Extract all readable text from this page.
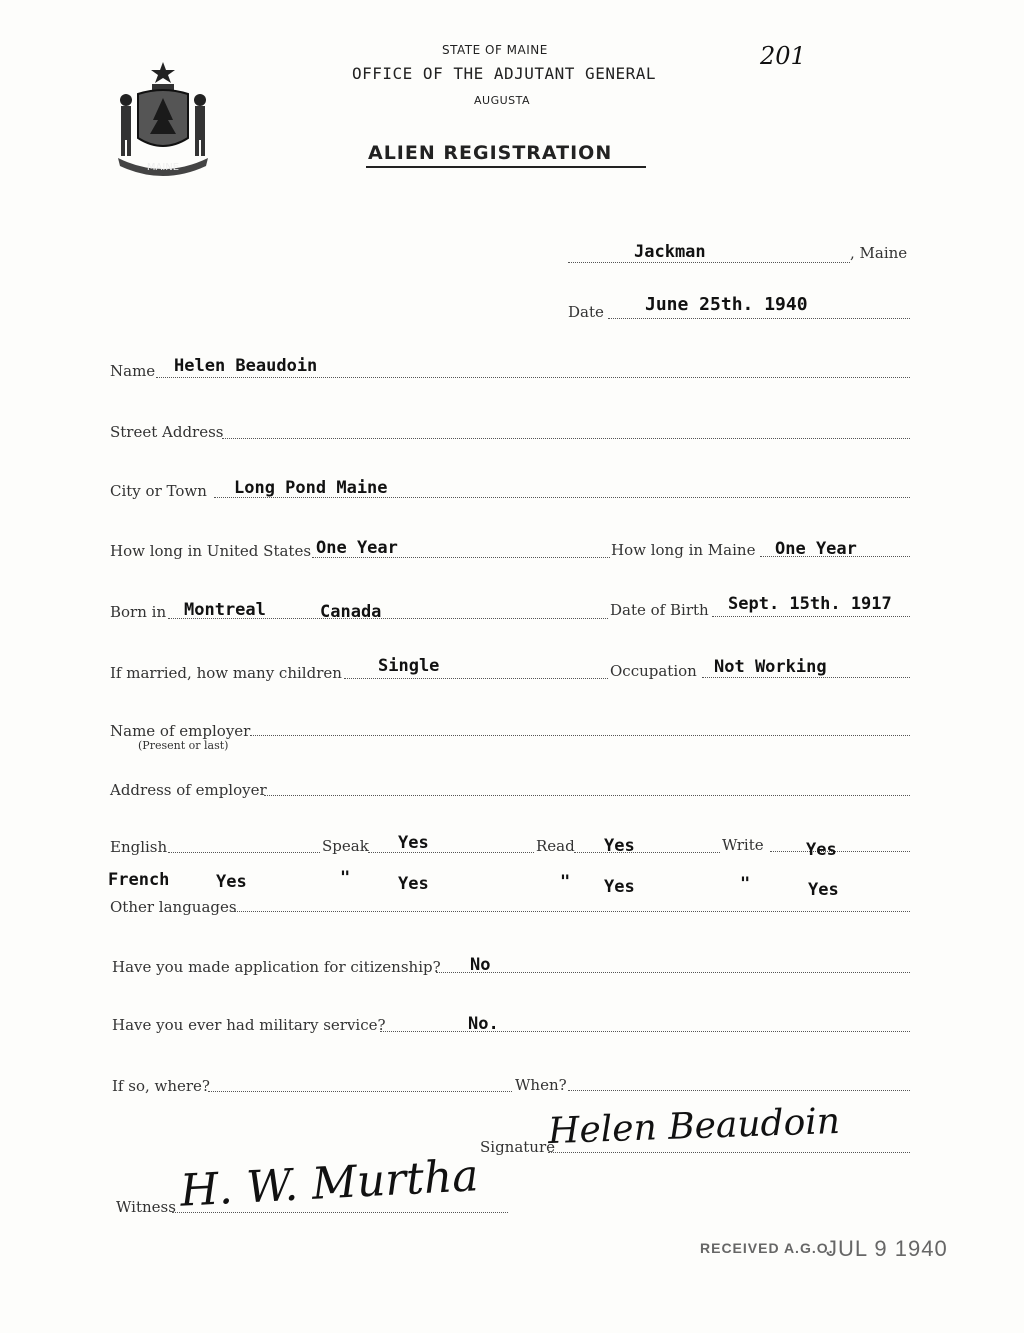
MAINE
STATE OF MAINE
OFFICE OF THE ADJUTANT GENERAL
AUGUSTA
ALIEN REGISTRATION
201
Jackman	, Maine
Date June 25th. 1940
Name Helen Beaudoin
Street Address
City or Town Long Pond Maine
How long in United States One Year	How long in Maine One Year
Born in Montreal	Canada	Date of Birth Sept. 15th. 1917
If married, how many children Single	Occupation Not Working
Name of employer
(Present or last)
Address of employer
English	Speak Yes	Read Yes	Write Yes
French	Yes	"	Yes	" Yes	"	Yes
Other languages
Have you made application for citizenship? No
Have you ever had military service?	No.
If so, where?	When?
Signature
Helen Beaudoin
Witness H. W. Murtha
RECEIVED A.G.O.
JUL 9 1940
